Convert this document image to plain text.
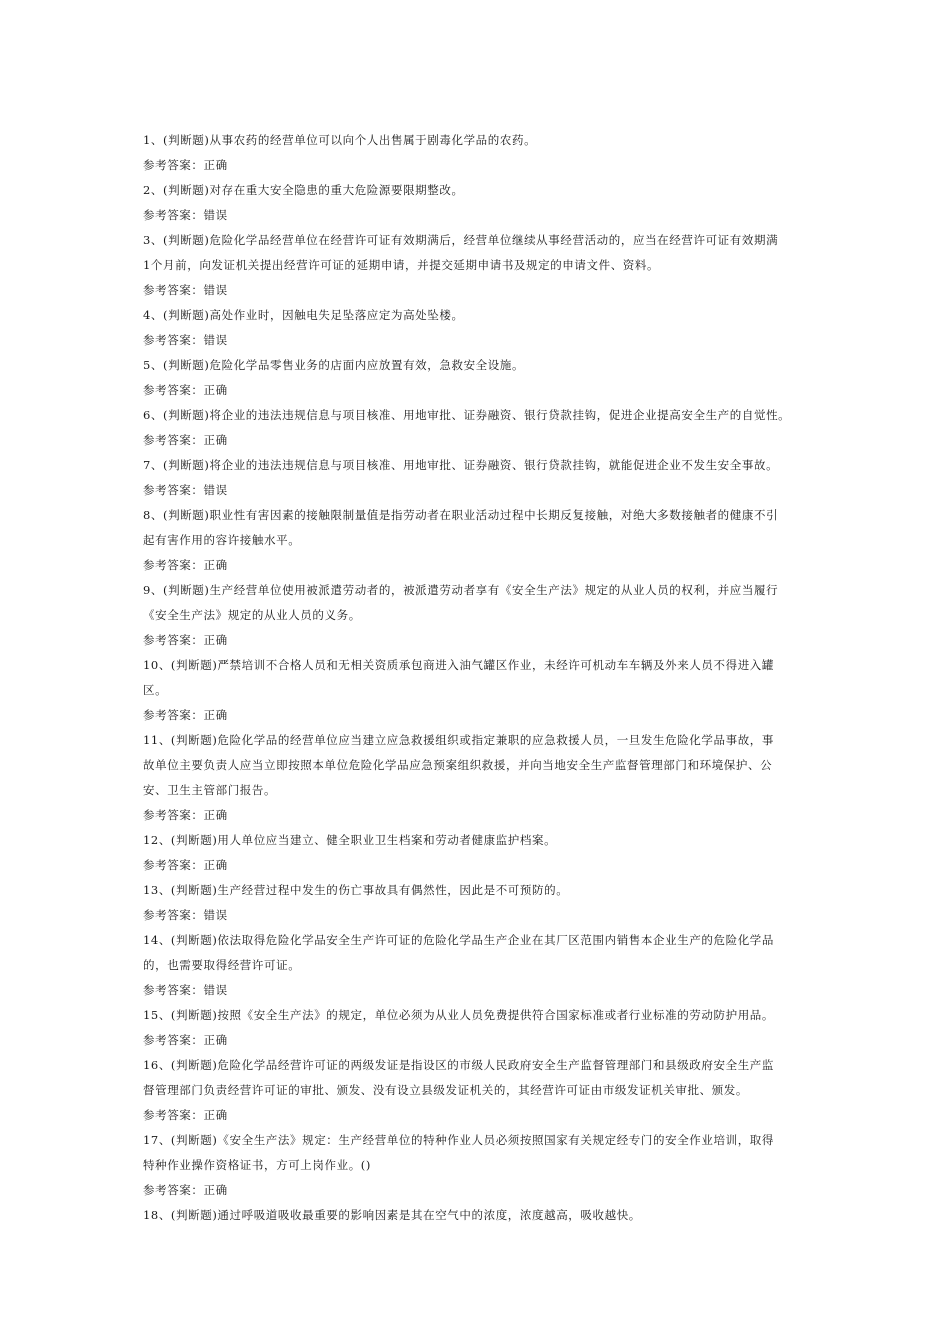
1、(判断题)从事农药的经营单位可以向个人出售属于剧毒化学品的农药。
参考答案：正确
2、(判断题)对存在重大安全隐患的重大危险源要限期整改。
参考答案：错误
3、(判断题)危险化学品经营单位在经营许可证有效期满后，经营单位继续从事经营活动的，应当在经营许可证有效期满
1个月前，向发证机关提出经营许可证的延期申请，并提交延期申请书及规定的申请文件、资料。
参考答案：错误
4、(判断题)高处作业时，因触电失足坠落应定为高处坠楼。
参考答案：错误
5、(判断题)危险化学品零售业务的店面内应放置有效，急救安全设施。
参考答案：正确
6、(判断题)将企业的违法违规信息与项目核准、用地审批、证券融资、银行贷款挂钩，促进企业提高安全生产的自觉性。
参考答案：正确
7、(判断题)将企业的违法违规信息与项目核准、用地审批、证券融资、银行贷款挂钩，就能促进企业不发生安全事故。
参考答案：错误
8、(判断题)职业性有害因素的接触限制量值是指劳动者在职业活动过程中长期反复接触，对绝大多数接触者的健康不引
起有害作用的容许接触水平。
参考答案：正确
9、(判断题)生产经营单位使用被派遣劳动者的，被派遣劳动者享有《安全生产法》规定的从业人员的权利，并应当履行
《安全生产法》规定的从业人员的义务。
参考答案：正确
10、(判断题)严禁培训不合格人员和无相关资质承包商进入油气罐区作业，未经许可机动车车辆及外来人员不得进入罐
区。
参考答案：正确
11、(判断题)危险化学品的经营单位应当建立应急救援组织或指定兼职的应急救援人员，一旦发生危险化学品事故，事
故单位主要负责人应当立即按照本单位危险化学品应急预案组织救援，并向当地安全生产监督管理部门和环境保护、公
安、卫生主管部门报告。
参考答案：正确
12、(判断题)用人单位应当建立、健全职业卫生档案和劳动者健康监护档案。
参考答案：正确
13、(判断题)生产经营过程中发生的伤亡事故具有偶然性，因此是不可预防的。
参考答案：错误
14、(判断题)依法取得危险化学品安全生产许可证的危险化学品生产企业在其厂区范围内销售本企业生产的危险化学品
的，也需要取得经营许可证。
参考答案：错误
15、(判断题)按照《安全生产法》的规定，单位必须为从业人员免费提供符合国家标准或者行业标准的劳动防护用品。
参考答案：正确
16、(判断题)危险化学品经营许可证的两级发证是指设区的市级人民政府安全生产监督管理部门和县级政府安全生产监
督管理部门负责经营许可证的审批、颁发、没有设立县级发证机关的，其经营许可证由市级发证机关审批、颁发。
参考答案：正确
17、(判断题)《安全生产法》规定：生产经营单位的特种作业人员必须按照国家有关规定经专门的安全作业培训，取得
特种作业操作资格证书，方可上岗作业。()
参考答案：正确
18、(判断题)通过呼吸道吸收最重要的影响因素是其在空气中的浓度，浓度越高，吸收越快。
